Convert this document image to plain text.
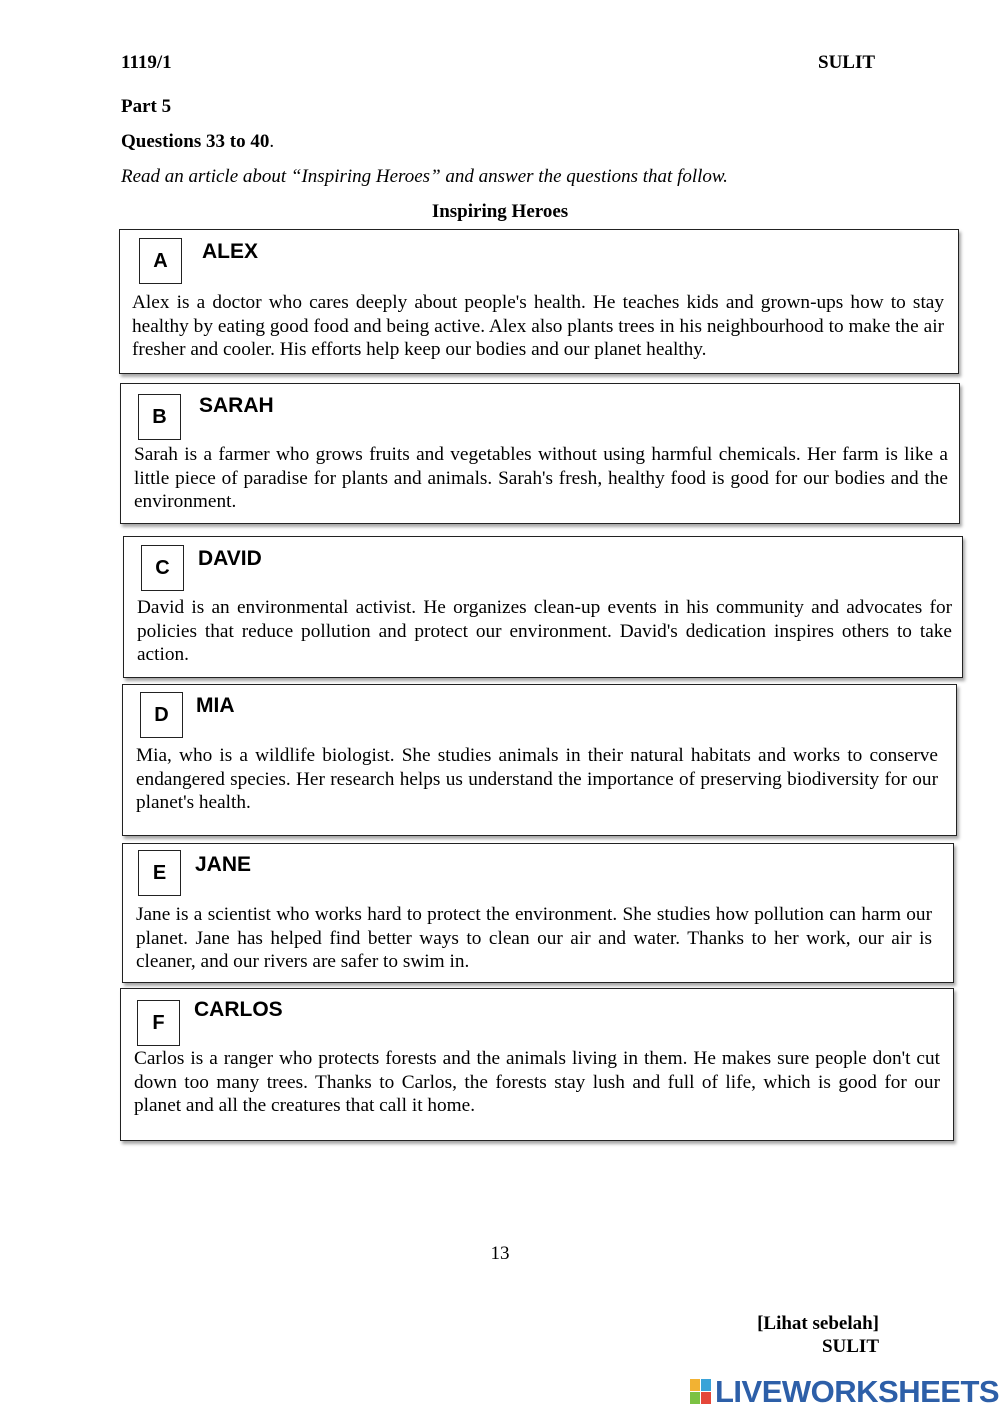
1119/1	SULIT
Part 5
Questions 33 to 40.
Read an article about “Inspiring Heroes” and answer the questions that follow.
Inspiring Heroes
A	ALEX
Alex is a doctor who cares deeply about people's health. He teaches kids and grown-ups how to stay healthy by eating good food and being active. Alex also plants trees in his neighbourhood to make the air fresher and cooler. His efforts help keep our bodies and our planet healthy.
B	SARAH
Sarah is a farmer who grows fruits and vegetables without using harmful chemicals. Her farm is like a little piece of paradise for plants and animals. Sarah's fresh, healthy food is good for our bodies and the environment.
C	DAVID
David is an environmental activist. He organizes clean-up events in his community and advocates for policies that reduce pollution and protect our environment. David's dedication inspires others to take action.
D	MIA
Mia, who is a wildlife biologist. She studies animals in their natural habitats and works to conserve endangered species. Her research helps us understand the importance of preserving biodiversity for our planet's health.
E	JANE
Jane is a scientist who works hard to protect the environment. She studies how pollution can harm our planet. Jane has helped find better ways to clean our air and water. Thanks to her work, our air is cleaner, and our rivers are safer to swim in.
F
CARLOS
Carlos is a ranger who protects forests and the animals living in them. He makes sure people don't cut down too many trees. Thanks to Carlos, the forests stay lush and full of life, which is good for our planet and all the creatures that call it home.
13
[Lihat sebelah]
SULIT
LIVEWORKSHEETS
